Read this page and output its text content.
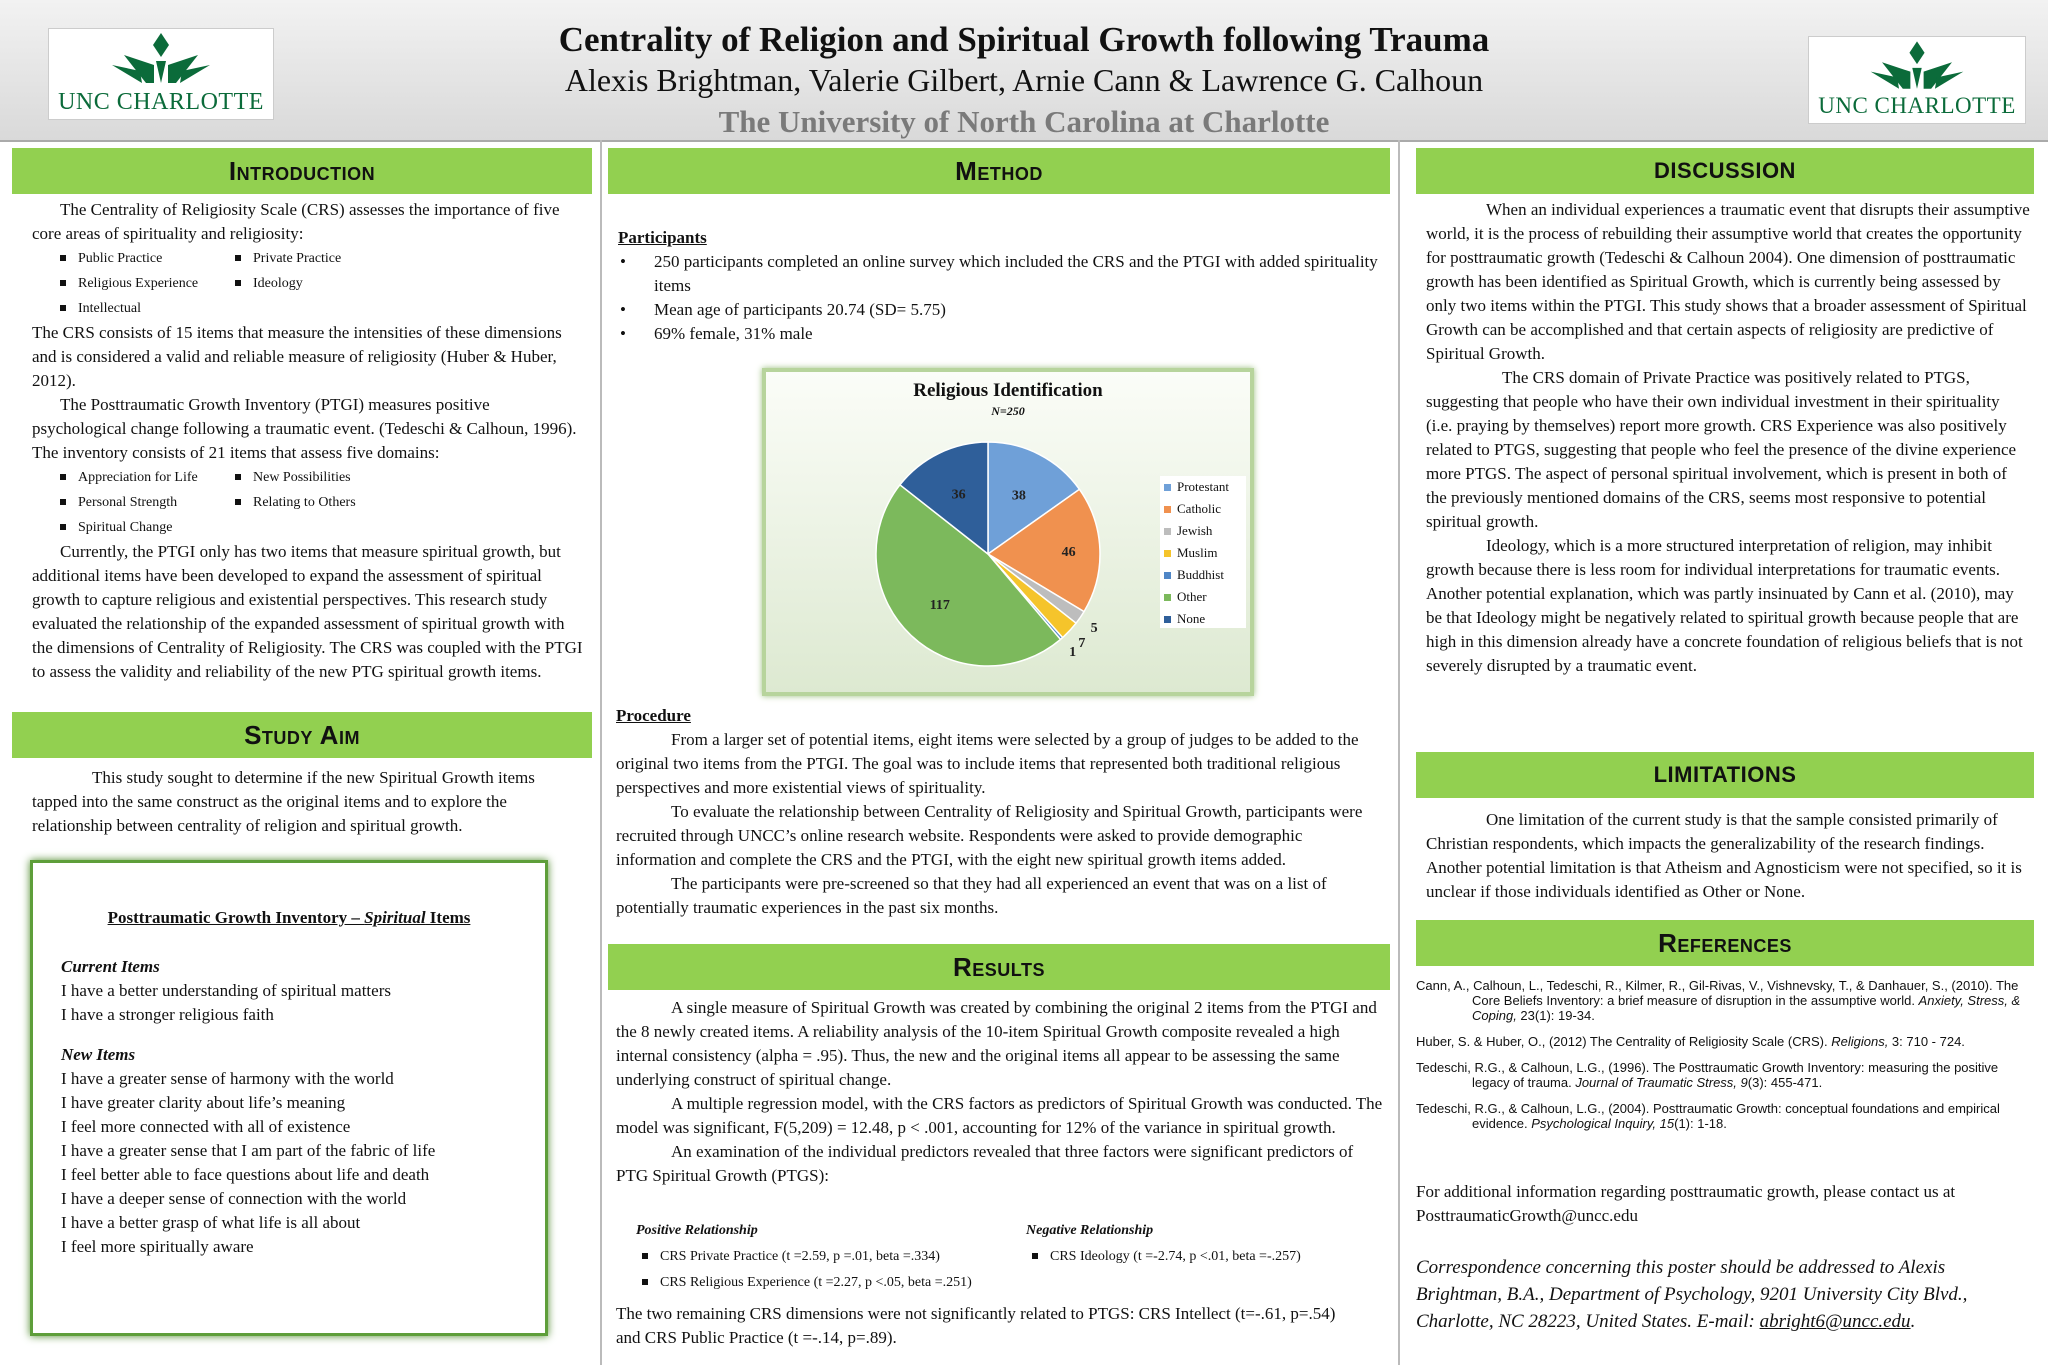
UNC CHARLOTTE	UNC CHARLOTTE
Centrality of Religion and Spiritual Growth following Trauma
Alexis Brightman, Valerie Gilbert, Arnie Cann & Lawrence G. Calhoun
The University of North Carolina at Charlotte
Introduction

The Centrality of Religiosity Scale (CRS) assesses the importance of five core areas of spirituality and religiosity:

Public Practice	Private Practice
Religious Experience	Ideology
Intellectual

The CRS consists of 15 items that measure the intensities of these dimensions and is considered a valid and reliable measure of religiosity (Huber & Huber, 2012).

The Posttraumatic Growth Inventory (PTGI) measures positive psychological change following a traumatic event. (Tedeschi & Calhoun, 1996). The inventory consists of 21 items that assess five domains:

Appreciation for Life	New Possibilities
Personal Strength	Relating to Others
Spiritual Change

Currently, the PTGI only has two items that measure spiritual growth, but additional items have been developed to expand the assessment of spiritual growth to capture religious and existential perspectives. This research study evaluated the relationship of the expanded assessment of spiritual growth with the dimensions of Centrality of Religiosity. The CRS was coupled with the PTGI to assess the validity and reliability of the new PTG spiritual growth items.

Study Aim

This study sought to determine if the new Spiritual Growth items tapped into the same construct as the original items and to explore the relationship between centrality of religion and spiritual growth.

Posttraumatic Growth Inventory – Spiritual Items

Current Items

I have a better understanding of spiritual matters

I have a stronger religious faith

New Items

I have a greater sense of harmony with the world

I have greater clarity about life’s meaning

I feel more connected with all of existence

I have a greater sense that I am part of the fabric of life

I feel better able to face questions about life and death

I have a deeper sense of connection with the world

I have a better grasp of what life is all about

I feel more spiritually aware

Method

Participants

• 250 participants completed an online survey which included the CRS and the PTGI with added spirituality items
• Mean age of participants 20.74 (SD= 5.75)
• 69% female, 31% male
Religious Identification
N=250
38
46
5
7
1
117
36
Protestant
Catholic
Jewish
Muslim
Buddhist
Other
None

Procedure

From a larger set of potential items, eight items were selected by a group of judges to be added to the original two items from the PTGI. The goal was to include items that represented both traditional religious perspectives and more existential views of spirituality.

To evaluate the relationship between Centrality of Religiosity and Spiritual Growth, participants were recruited through UNCC’s online research website. Respondents were asked to provide demographic information and complete the CRS and the PTGI, with the eight new spiritual growth items added.

The participants were pre-screened so that they had all experienced an event that was on a list of potentially traumatic experiences in the past six months.

Results

A single measure of Spiritual Growth was created by combining the original 2 items from the PTGI and the 8 newly created items. A reliability analysis of the 10-item Spiritual Growth composite revealed a high internal consistency (alpha = .95). Thus, the new and the original items all appear to be assessing the same underlying construct of spiritual change.

A multiple regression model, with the CRS factors as predictors of Spiritual Growth was conducted. The model was significant, F(5,209) = 12.48, p < .001, accounting for 12% of the variance in spiritual growth.

An examination of the individual predictors revealed that three factors were significant predictors of PTG Spiritual Growth (PTGS):

Positive Relationship
CRS Private Practice (t =2.59, p =.01, beta =.334)
CRS Religious Experience (t =2.27, p <.05, beta =.251)
Negative Relationship
CRS Ideology (t =-2.74, p <.01, beta =-.257)

The two remaining CRS dimensions were not significantly related to PTGS: CRS Intellect (t=-.61, p=.54) and CRS Public Practice (t =-.14, p=.89).

DISCUSSION

When an individual experiences a traumatic event that disrupts their assumptive world, it is the process of rebuilding their assumptive world that creates the opportunity for posttraumatic growth (Tedeschi & Calhoun 2004). One dimension of posttraumatic growth has been identified as Spiritual Growth, which is currently being assessed by only two items within the PTGI. This study shows that a broader assessment of Spiritual Growth can be accomplished and that certain aspects of religiosity are predictive of Spiritual Growth.

The CRS domain of Private Practice was positively related to PTGS, suggesting that people who have their own individual investment in their spirituality (i.e. praying by themselves) report more growth. CRS Experience was also positively related to PTGS, suggesting that people who feel the presence of the divine experience more PTGS. The aspect of personal spiritual involvement, which is present in both of the previously mentioned domains of the CRS, seems most responsive to potential spiritual growth.

Ideology, which is a more structured interpretation of religion, may inhibit growth because there is less room for individual interpretations for traumatic events. Another potential explanation, which was partly insinuated by Cann et al. (2010), may be that Ideology might be negatively related to spiritual growth because people that are high in this dimension already have a concrete foundation of religious beliefs that is not severely disrupted by a traumatic event.

LIMITATIONS

One limitation of the current study is that the sample consisted primarily of Christian respondents, which impacts the generalizability of the research findings. Another potential limitation is that Atheism and Agnosticism were not specified, so it is unclear if those individuals identified as Other or None.

References

Cann, A., Calhoun, L., Tedeschi, R., Kilmer, R., Gil-Rivas, V., Vishnevsky, T., & Danhauer, S., (2010). The Core Beliefs Inventory: a brief measure of disruption in the assumptive world. Anxiety, Stress, & Coping, 23(1): 19-34.

Huber, S. & Huber, O., (2012) The Centrality of Religiosity Scale (CRS). Religions, 3: 710 - 724.

Tedeschi, R.G., & Calhoun, L.G., (1996). The Posttraumatic Growth Inventory: measuring the positive legacy of trauma. Journal of Traumatic Stress, 9(3): 455-471.

Tedeschi, R.G., & Calhoun, L.G., (2004). Posttraumatic Growth: conceptual foundations and empirical evidence. Psychological Inquiry, 15(1): 1-18.

For additional information regarding posttraumatic growth, please contact us at PosttraumaticGrowth@uncc.edu

Correspondence concerning this poster should be addressed to Alexis Brightman, B.A., Department of Psychology, 9201 University City Blvd., Charlotte, NC 28223, United States. E-mail: abright6@uncc.edu.
